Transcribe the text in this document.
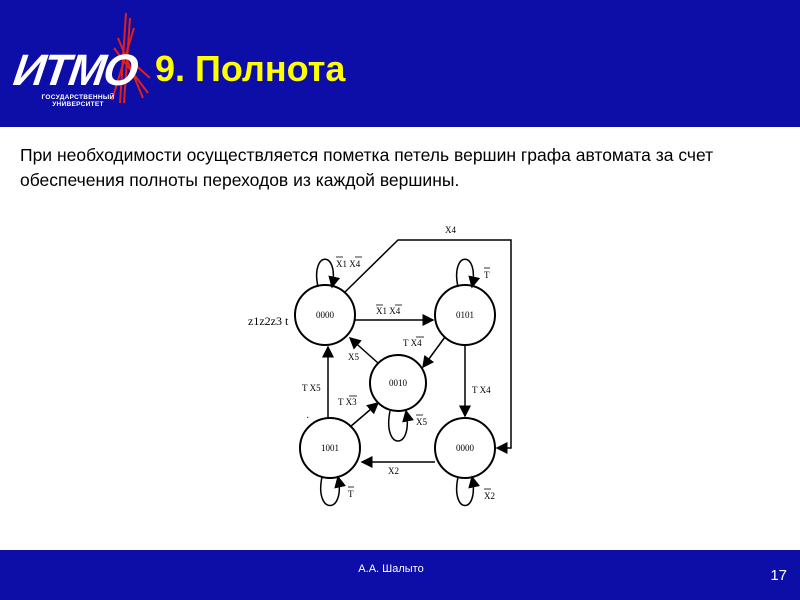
ИТМО
ГОСУДАРСТВЕННЫЙ УНИВЕРСИТЕТ
9. Полнота
При необходимости осуществляется пометка петель вершин графа автомата за счет обеспечения полноты переходов из каждой вершины.
z1z2z3 t	0000	0101
0010
1001	0000
X1 X4
X4
X5
T X4
T X4
T X5
·
T X3
X2
X1 X4
T
X5
T	X2
А.А. Шалыто	17
